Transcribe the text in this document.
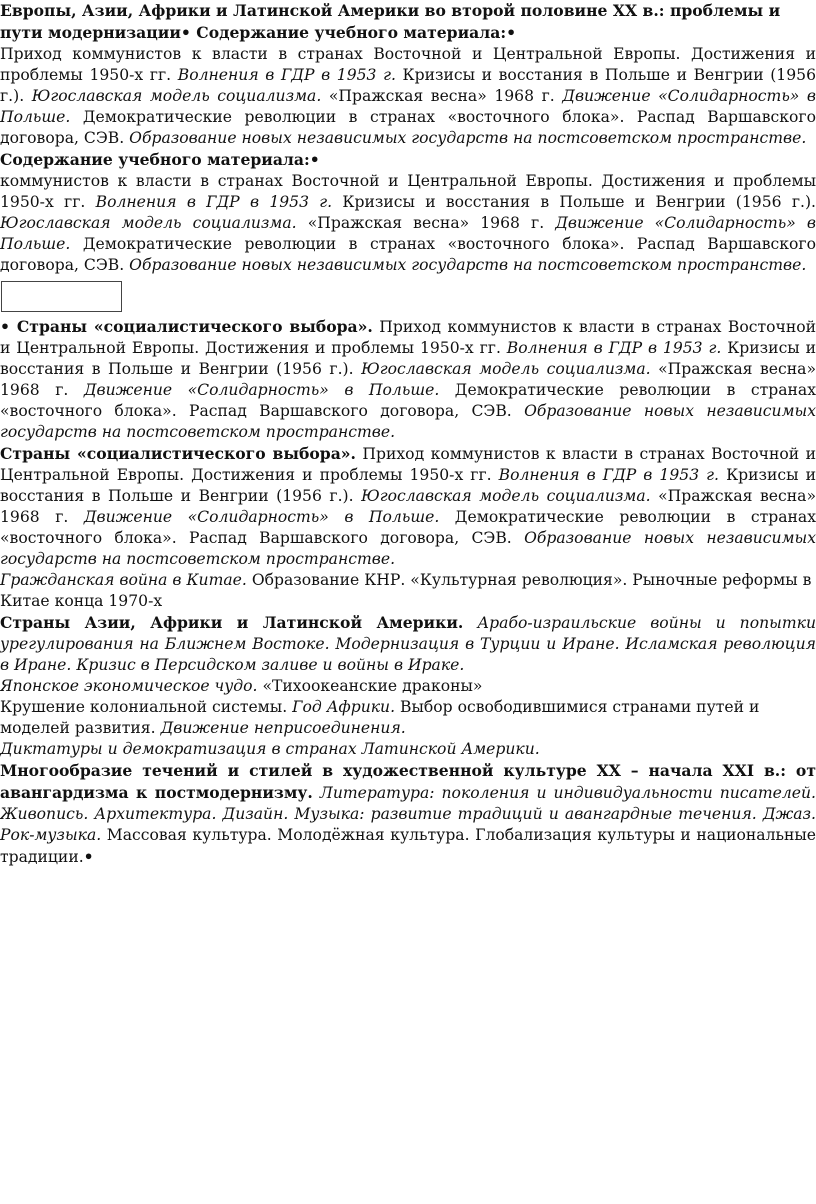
Европы, Азии, Африки и Латинской Америки во второй половине XX в.: проблемы и пути модернизации• Содержание учебного материала:•

Приход коммунистов к власти в странах Восточной и Центральной Европы. Достижения и проблемы 1950-х гг. Волнения в ГДР в 1953 г. Кризисы и восстания в Польше и Венгрии (1956 г.). Югославская модель социализма. «Пражская весна» 1968 г. Движение «Солидарность» в Польше. Демократические революции в странах «восточного блока». Распад Варшавского договора, СЭВ. Образование новых независимых государств на постсоветском пространстве.

Содержание учебного материала:•

коммунистов к власти в странах Восточной и Центральной Европы. Достижения и проблемы 1950-х гг. Волнения в ГДР в 1953 г. Кризисы и восстания в Польше и Венгрии (1956 г.). Югославская модель социализма. «Пражская весна» 1968 г. Движение «Солидарность» в Польше. Демократические революции в странах «восточного блока». Распад Варшавского договора, СЭВ. Образование новых независимых государств на постсоветском пространстве.

• Страны «социалистического выбора». Приход коммунистов к власти в странах Восточной и Центральной Европы. Достижения и проблемы 1950-х гг. Волнения в ГДР в 1953 г. Кризисы и восстания в Польше и Венгрии (1956 г.). Югославская модель социализма. «Пражская весна» 1968 г. Движение «Солидарность» в Польше. Демократические революции в странах «восточного блока». Распад Варшавского договора, СЭВ. Образование новых независимых государств на постсоветском пространстве.

Страны «социалистического выбора». Приход коммунистов к власти в странах Восточной и Центральной Европы. Достижения и проблемы 1950-х гг. Волнения в ГДР в 1953 г. Кризисы и восстания в Польше и Венгрии (1956 г.). Югославская модель социализма. «Пражская весна» 1968 г. Движение «Солидарность» в Польше. Демократические революции в странах «восточного блока». Распад Варшавского договора, СЭВ. Образование новых независимых государств на постсоветском пространстве.

Гражданская война в Китае. Образование КНР. «Культурная революция». Рыночные реформы в Китае конца 1970-х

Страны Азии, Африки и Латинской Америки. Арабо-израильские войны и попытки урегулирования на Ближнем Востоке. Модернизация в Турции и Иране. Исламская революция в Иране. Кризис в Персидском заливе и войны в Ираке.

Японское экономическое чудо. «Тихоокеанские драконы»

Крушение колониальной системы. Год Африки. Выбор освободившимися странами путей и моделей развития. Движение неприсоединения.

Диктатуры и демократизация в странах Латинской Америки.

Многообразие течений и стилей в художественной культуре XX – начала XXI в.: от авангардизма к постмодернизму. Литература: поколения и индивидуальности писателей. Живопись. Архитектура. Дизайн. Музыка: развитие традиций и авангардные течения. Джаз. Рок-музыка. Массовая культура. Молодёжная культура. Глобализация культуры и национальные традиции.•
